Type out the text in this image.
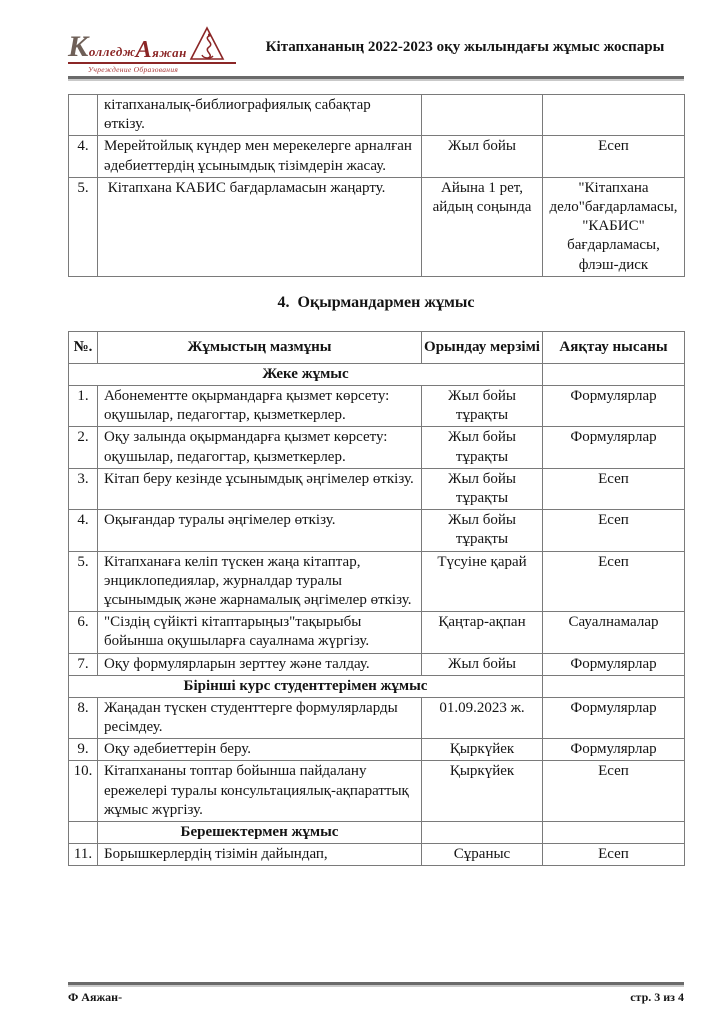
Колледж Аяжан
Учреждение Образования
Кітапхананың 2022-2023 оқу жылындағы жұмыс жоспары
	кітапханалық-библиографиялық сабақтар өткізу.		
4.	Мерейтойлық күндер мен мерекелерге арналған әдебиеттердің ұсынымдық тізімдерін жасау.	Жыл бойы	Есеп
5.	Кітапхана КАБИС бағдарламасын жаңарту.	Айына 1 рет, айдың соңында	"Кітапхана дело"бағдарламасы, "КАБИС" бағдарламасы, флэш-диск
4.  Оқырмандармен жұмыс
№.	Жұмыстың мазмұны	Орындау мерзімі	Аяқтау нысаны
Жеке жұмыс			
1.	Абонементте оқырмандарға қызмет көрсету: оқушылар, педагогтар, қызметкерлер.	Жыл бойы тұрақты	Формулярлар
2.	Оқу залында оқырмандарға қызмет көрсету: оқушылар, педагогтар, қызметкерлер.	Жыл бойы тұрақты	Формулярлар
3.	Кітап беру кезінде ұсынымдық әңгімелер өткізу.	Жыл бойы тұрақты	Есеп
4.	Оқығандар туралы әңгімелер өткізу.	Жыл бойы тұрақты	Есеп
5.	Кітапханаға келіп түскен жаңа кітаптар, энциклопедиялар, журналдар туралы ұсынымдық және жарнамалық әңгімелер өткізу.	Түсуіне қарай	Есеп
6.	"Сіздің сүйікті кітаптарыңыз"тақырыбы бойынша оқушыларға сауалнама жүргізу.	Қаңтар-ақпан	Сауалнамалар
7.	Оқу формулярларын зерттеу және талдау.	Жыл бойы	Формулярлар
Бірінші курс студенттерімен жұмыс			
8.	Жаңадан түскен студенттерге формулярларды ресімдеу.	01.09.2023 ж.	Формулярлар
9.	Оқу әдебиеттерін беру.	Қыркүйек	Формулярлар
10.	Кітапхананы топтар бойынша пайдалану ережелері туралы консультациялық-ақпараттық жұмыс жүргізу.	Қыркүйек	Есеп
	Берешектермен жұмыс		
11.	Борышкерлердің тізімін дайындап,	Сұраныс	Есеп
Ф Аяжан-	стр. 3 из 4
